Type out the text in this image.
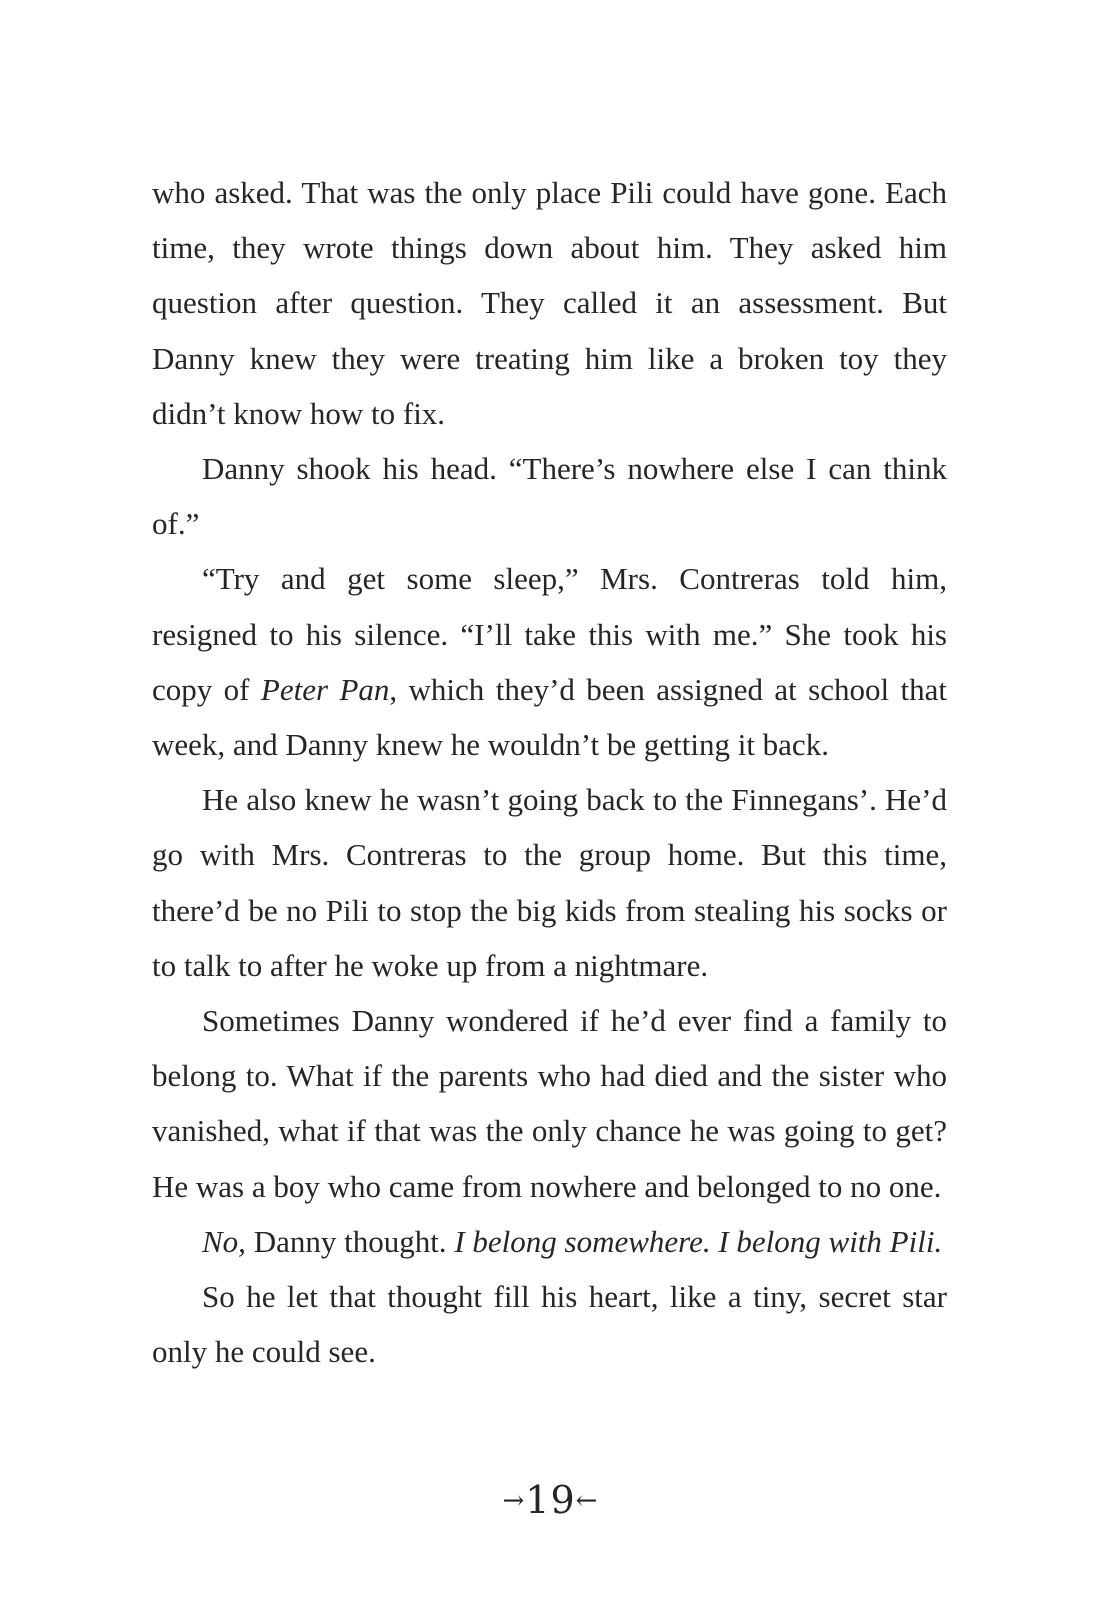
who asked. That was the only place Pili could have gone. Each time, they wrote things down about him. They asked him question after question. They called it an assessment. But Danny knew they were treating him like a broken toy they didn’t know how to fix.

Danny shook his head. “There’s nowhere else I can think of.”

“Try and get some sleep,” Mrs. Contreras told him, resigned to his silence. “I’ll take this with me.” She took his copy of Peter Pan, which they’d been assigned at school that week, and Danny knew he wouldn’t be getting it back.

He also knew he wasn’t going back to the Finnegans’. He’d go with Mrs. Contreras to the group home. But this time, there’d be no Pili to stop the big kids from stealing his socks or to talk to after he woke up from a nightmare.

Sometimes Danny wondered if he’d ever find a family to belong to. What if the parents who had died and the sister who vanished, what if that was the only chance he was going to get? He was a boy who came from nowhere and belonged to no one.

No, Danny thought. I belong somewhere. I belong with Pili.

So he let that thought fill his heart, like a tiny, secret star only he could see.

→19←
